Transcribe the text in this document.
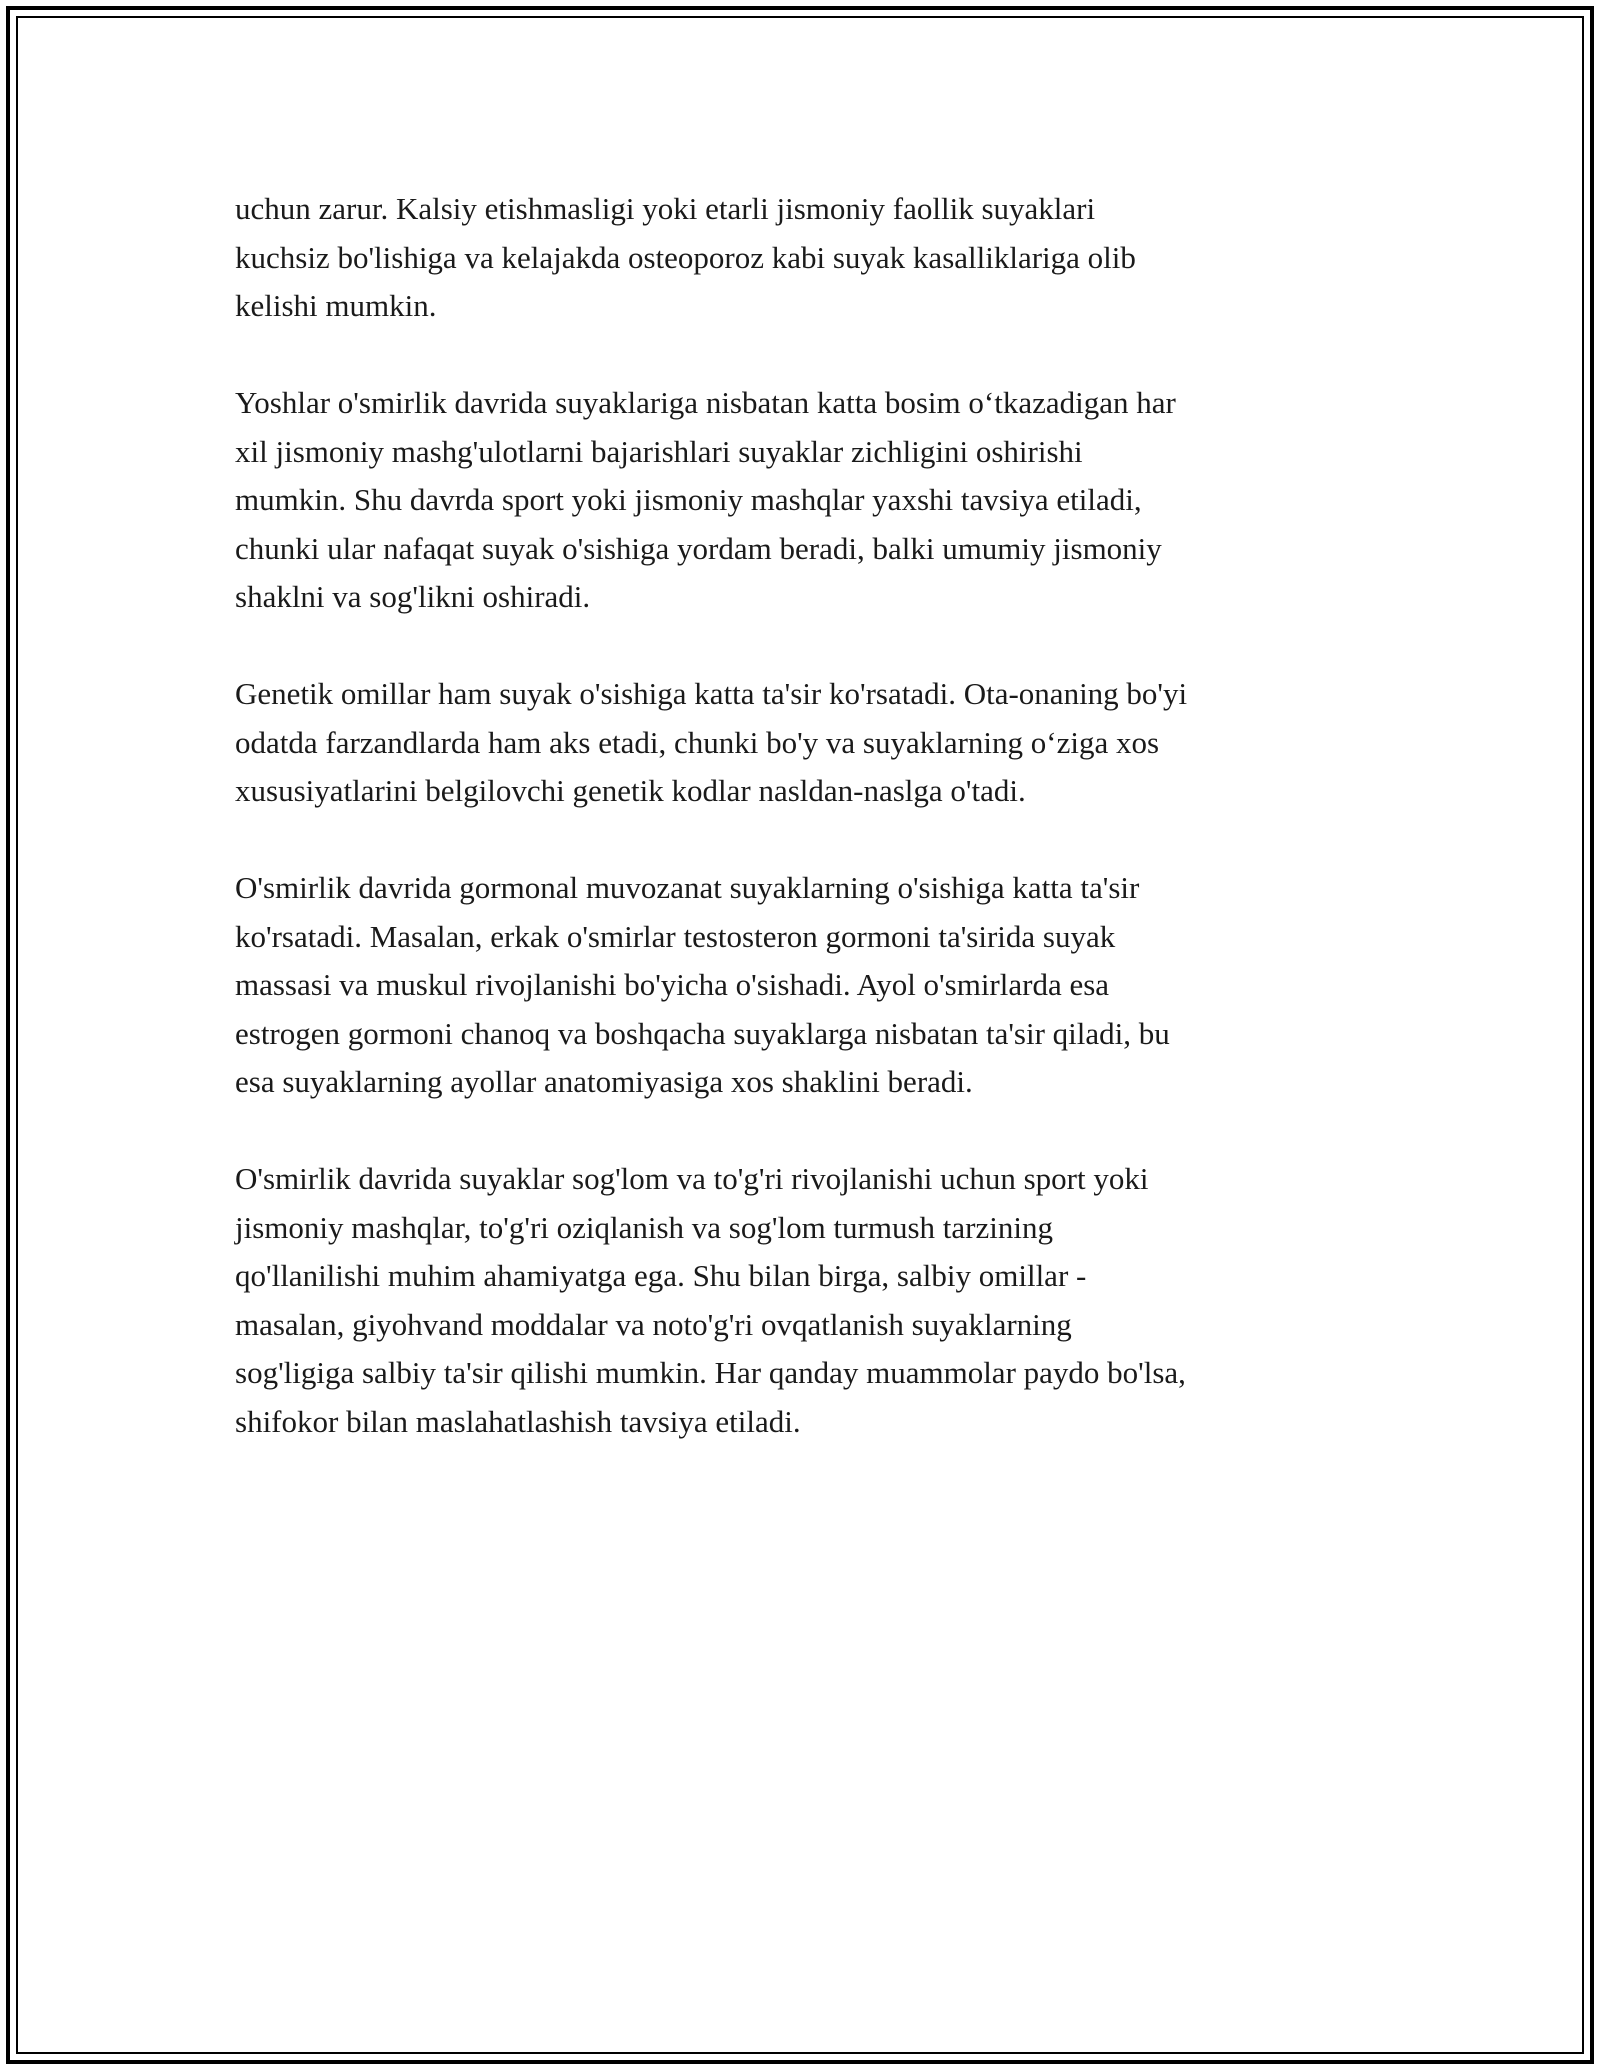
uchun zarur. Kalsiy etishmasligi yoki etarli jismoniy faollik suyaklari
kuchsiz bo'lishiga va kelajakda osteoporoz kabi suyak kasalliklariga olib
kelishi mumkin.

Yoshlar o'smirlik davrida suyaklariga nisbatan katta bosim o‘tkazadigan har
xil jismoniy mashg'ulotlarni bajarishlari suyaklar zichligini oshirishi
mumkin. Shu davrda sport yoki jismoniy mashqlar yaxshi tavsiya etiladi,
chunki ular nafaqat suyak o'sishiga yordam beradi, balki umumiy jismoniy
shaklni va sog'likni oshiradi.

Genetik omillar ham suyak o'sishiga katta ta'sir ko'rsatadi. Ota-onaning bo'yi
odatda farzandlarda ham aks etadi, chunki bo'y va suyaklarning o‘ziga xos
xususiyatlarini belgilovchi genetik kodlar nasldan-naslga o'tadi.

O'smirlik davrida gormonal muvozanat suyaklarning o'sishiga katta ta'sir
ko'rsatadi. Masalan, erkak o'smirlar testosteron gormoni ta'sirida suyak
massasi va muskul rivojlanishi bo'yicha o'sishadi. Ayol o'smirlarda esa
estrogen gormoni chanoq va boshqacha suyaklarga nisbatan ta'sir qiladi, bu
esa suyaklarning ayollar anatomiyasiga xos shaklini beradi.

O'smirlik davrida suyaklar sog'lom va to'g'ri rivojlanishi uchun sport yoki
jismoniy mashqlar, to'g'ri oziqlanish va sog'lom turmush tarzining
qo'llanilishi muhim ahamiyatga ega. Shu bilan birga, salbiy omillar -
masalan, giyohvand moddalar va noto'g'ri ovqatlanish suyaklarning
sog'ligiga salbiy ta'sir qilishi mumkin. Har qanday muammolar paydo bo'lsa,
shifokor bilan maslahatlashish tavsiya etiladi.
